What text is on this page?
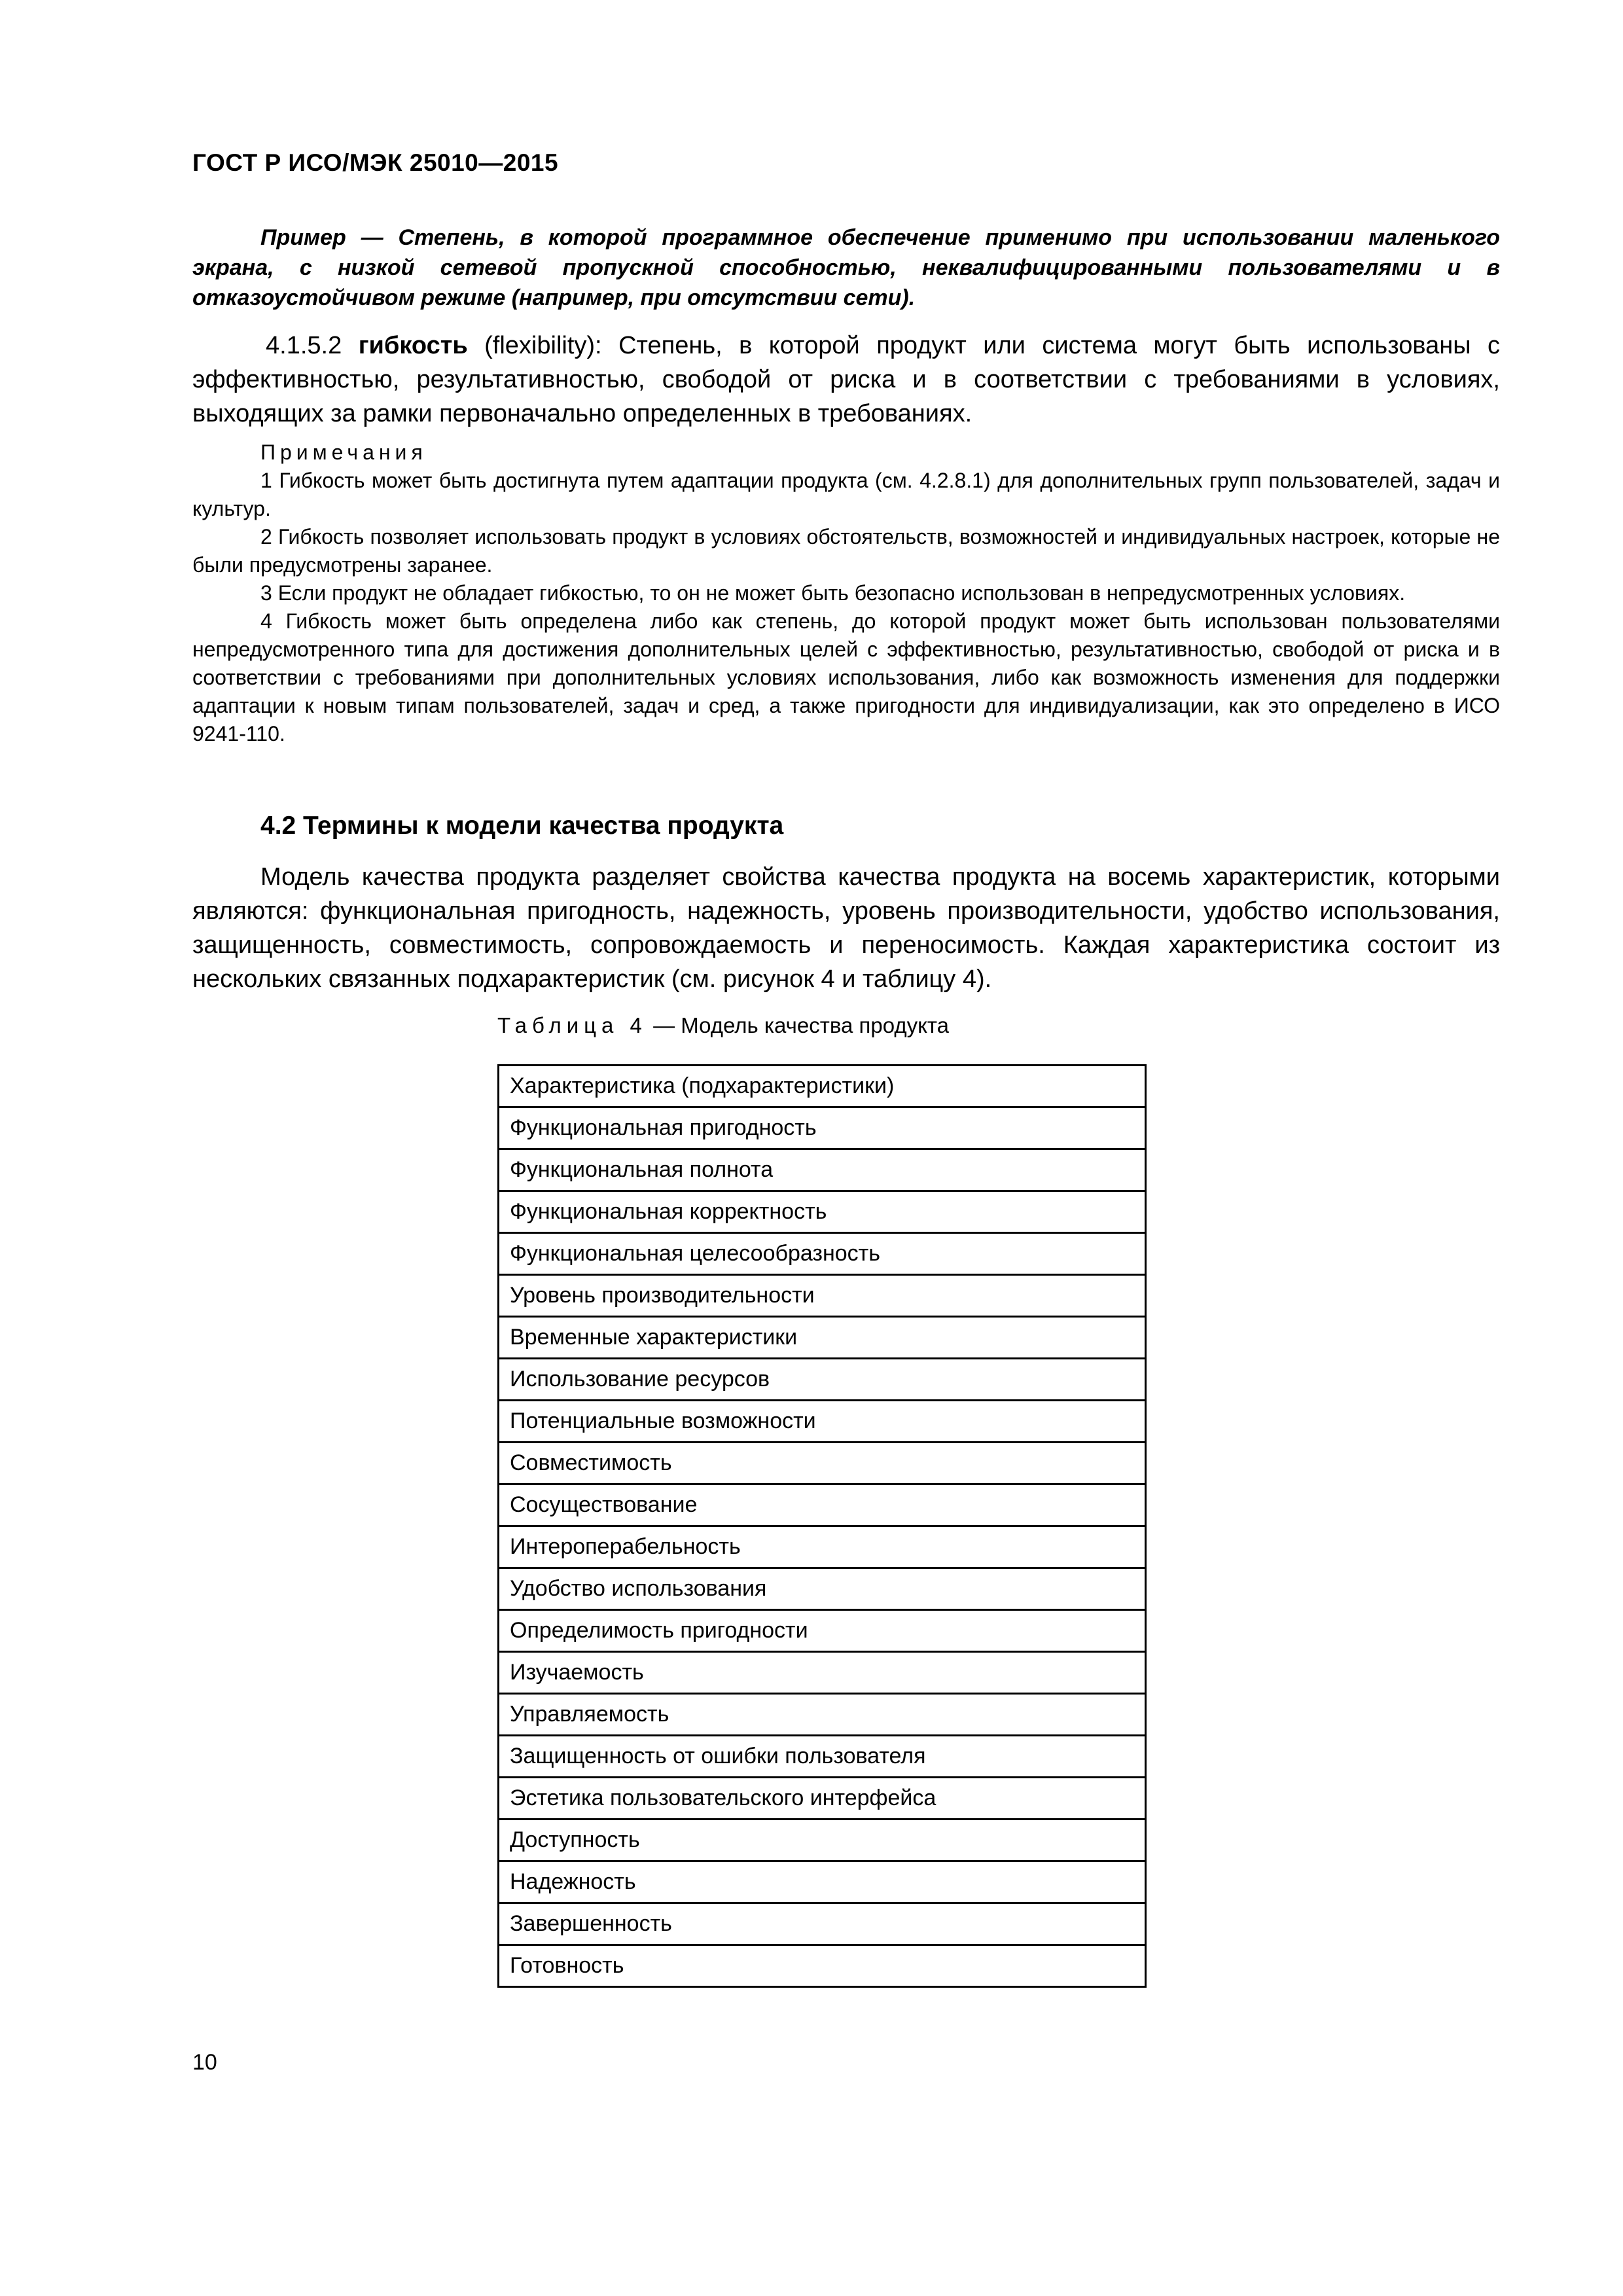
ГОСТ Р ИСО/МЭК 25010—2015
Пример — Степень, в которой программное обеспечение применимо при использовании маленького экрана, с низкой сетевой пропускной способностью, неквалифицированными пользователями и в отказоустойчивом режиме (например, при отсутствии сети).
4.1.5.2 гибкость (flexibility): Степень, в которой продукт или система могут быть использованы с эффективностью, результативностью, свободой от риска и в соответствии с требованиями в условиях, выходящих за рамки первоначально определенных в требованиях.

Примечания

1 Гибкость может быть достигнута путем адаптации продукта (см. 4.2.8.1) для дополнительных групп пользователей, задач и культур.

2 Гибкость позволяет использовать продукт в условиях обстоятельств, возможностей и индивидуальных настроек, которые не были предусмотрены заранее.

3 Если продукт не обладает гибкостью, то он не может быть безопасно использован в непредусмотренных условиях.

4 Гибкость может быть определена либо как степень, до которой продукт может быть использован пользователями непредусмотренного типа для достижения дополнительных целей с эффективностью, результативностью, свободой от риска и в соответствии с требованиями при дополнительных условиях использования, либо как возможность изменения для поддержки адаптации к новым типам пользователей, задач и сред, а также пригодности для индивидуализации, как это определено в ИСО 9241-110.

4.2 Термины к модели качества продукта
Модель качества продукта разделяет свойства качества продукта на восемь характеристик, которыми являются: функциональная пригодность, надежность, уровень производительности, удобство использования, защищенность, совместимость, сопровождаемость и переносимость. Каждая характеристика состоит из нескольких связанных подхарактеристик (см. рисунок 4 и таблицу 4).
Таблица 4 — Модель качества продукта
Характеристика (подхарактеристики)
Функциональная пригодность
Функциональная полнота
Функциональная корректность
Функциональная целесообразность
Уровень производительности
Временные характеристики
Использование ресурсов
Потенциальные возможности
Совместимость
Сосуществование
Интероперабельность
Удобство использования
Определимость пригодности
Изучаемость
Управляемость
Защищенность от ошибки пользователя
Эстетика пользовательского интерфейса
Доступность
Надежность
Завершенность
Готовность
10
